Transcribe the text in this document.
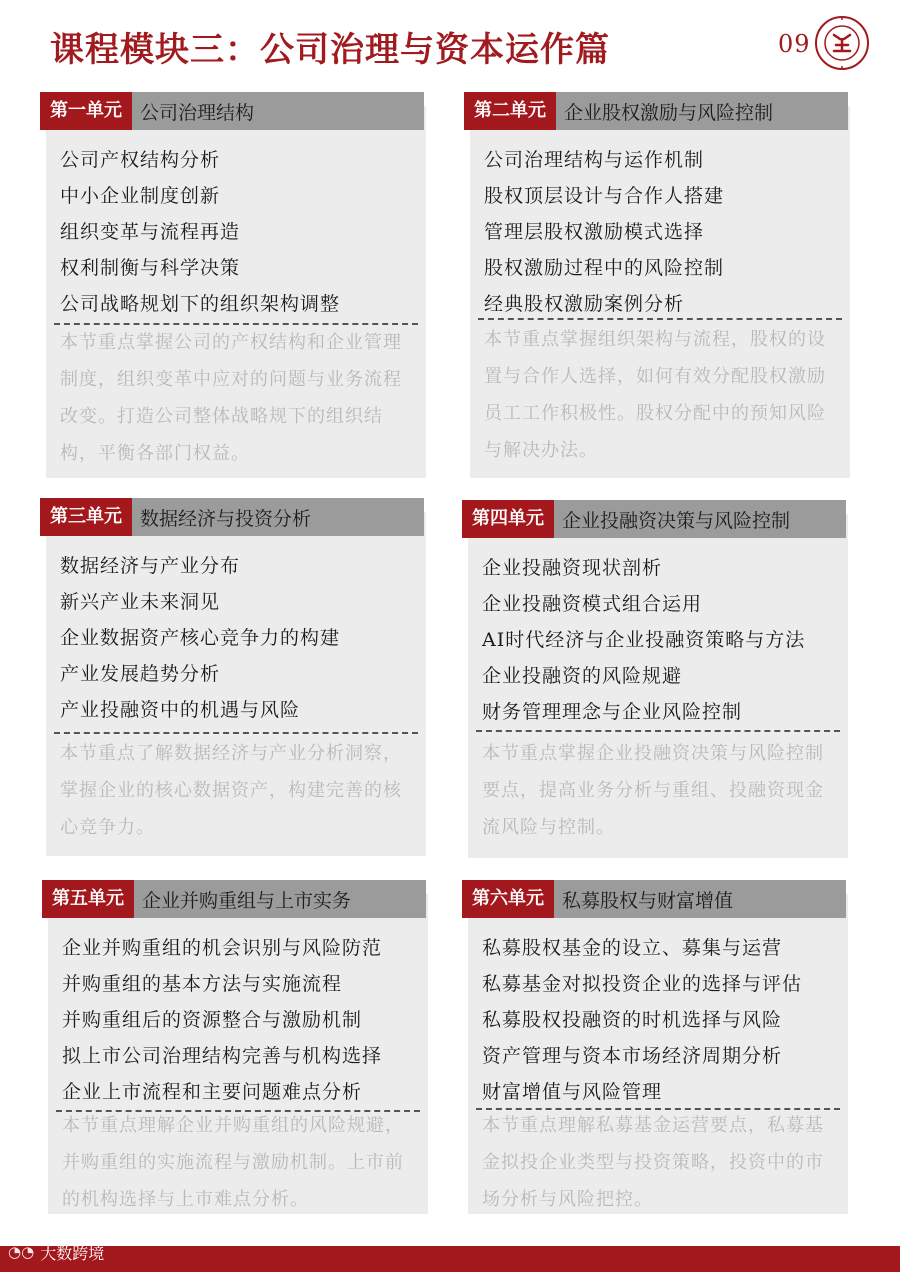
课程模块三：公司治理与资本运作篇	09
第一单元 公司治理结构
公司产权结构分析
中小企业制度创新
组织变革与流程再造
权利制衡与科学决策
公司战略规划下的组织架构调整
本节重点掌握公司的产权结构和企业管理制度，组织变革中应对的问题与业务流程改变。打造公司整体战略规下的组织结构，平衡各部门权益。
第二单元 企业股权激励与风险控制
公司治理结构与运作机制
股权顶层设计与合作人搭建
管理层股权激励模式选择
股权激励过程中的风险控制
经典股权激励案例分析
本节重点掌握组织架构与流程，股权的设置与合作人选择，如何有效分配股权激励员工工作积极性。股权分配中的预知风险与解决办法。
第三单元 数据经济与投资分析
数据经济与产业分布
新兴产业未来洞见
企业数据资产核心竞争力的构建
产业发展趋势分析
产业投融资中的机遇与风险
本节重点了解数据经济与产业分析洞察，掌握企业的核心数据资产，构建完善的核心竞争力。
第四单元 企业投融资决策与风险控制
企业投融资现状剖析
企业投融资模式组合运用
AI时代经济与企业投融资策略与方法
企业投融资的风险规避
财务管理理念与企业风险控制
本节重点掌握企业投融资决策与风险控制要点，提高业务分析与重组、投融资现金流风险与控制。
第五单元 企业并购重组与上市实务
企业并购重组的机会识别与风险防范
并购重组的基本方法与实施流程
并购重组后的资源整合与激励机制
拟上市公司治理结构完善与机构选择
企业上市流程和主要问题难点分析
本节重点理解企业并购重组的风险规避，并购重组的实施流程与激励机制。上市前的机构选择与上市难点分析。
第六单元 私募股权与财富增值
私募股权基金的设立、募集与运营
私募基金对拟投资企业的选择与评估
私募股权投融资的时机选择与风险
资产管理与资本市场经济周期分析
财富增值与风险管理
本节重点理解私募基金运营要点，私募基金拟投企业类型与投资策略，投资中的市场分析与风险把控。
◔◔ 大数跨境
